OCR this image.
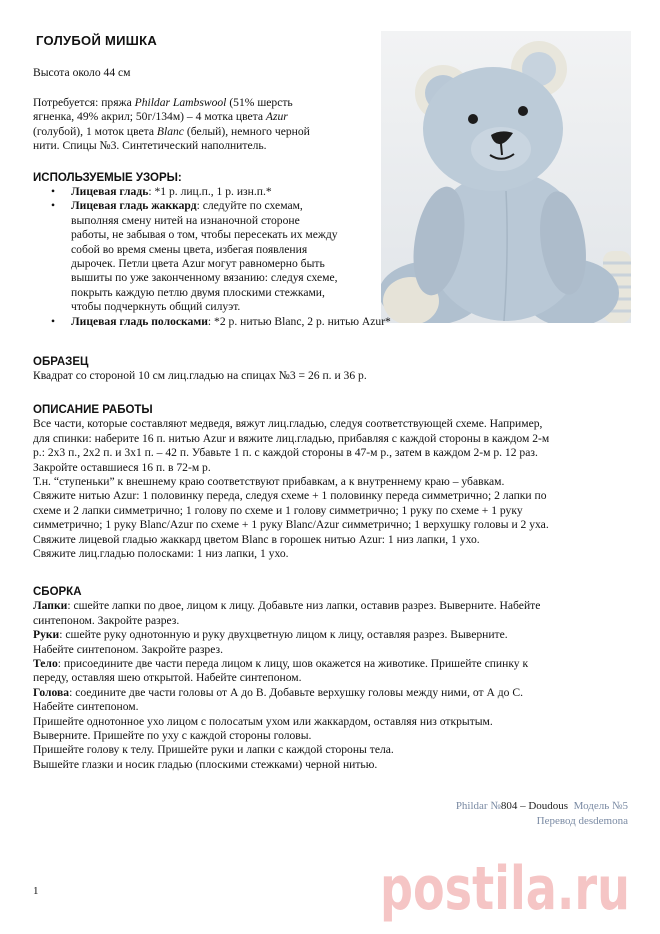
ГОЛУБОЙ МИШКА
Высота около 44 см
Потребуется: пряжа Phildar Lambswool (51% шерсть
ягненка, 49% акрил; 50г/134м) – 4 мотка цвета Azur
(голубой), 1 моток цвета Blanc (белый), немного черной
нити. Спицы №3. Синтетический наполнитель.
ИСПОЛЬЗУЕМЫЕ УЗОРЫ:
• Лицевая гладь: *1 р. лиц.п., 1 р. изн.п.*
• Лицевая гладь жаккард: следуйте по схемам,
выполняя смену нитей на изнаночной стороне
работы, не забывая о том, чтобы пересекать их между
собой во время смены цвета, избегая появления
дырочек. Петли цвета Azur могут равномерно быть
вышиты по уже законченному вязанию: следуя схеме,
покрыть каждую петлю двумя плоскими стежками,
чтобы подчеркнуть общий силуэт.
• Лицевая гладь полосками: *2 р. нитью Blanc, 2 р. нитью Azur*
ОБРАЗЕЦ
Квадрат со стороной 10 см лиц.гладью на спицах №3 = 26 п. и 36 р.
ОПИСАНИЕ РАБОТЫ
Все части, которые составляют медведя, вяжут лиц.гладью, следуя соответствующей схеме. Например,
для спинки: наберите 16 п. нитью Azur и вяжите лиц.гладью, прибавляя с каждой стороны в каждом 2-м
р.: 2x3 п., 2x2 п. и 3x1 п. – 42 п. Убавьте 1 п. с каждой стороны в 47-м р., затем в каждом 2-м р. 12 раз.
Закройте оставшиеся 16 п. в 72-м р.
Т.н. “ступеньки” к внешнему краю соответствуют прибавкам, а к внутреннему краю – убавкам.
Свяжите нитью Azur: 1 половинку переда, следуя схеме + 1 половинку переда симметрично; 2 лапки по
схеме и 2 лапки симметрично; 1 голову по схеме и 1 голову симметрично; 1 руку по схеме + 1 руку
симметрично; 1 руку Blanc/Azur по схеме + 1 руку Blanc/Azur симметрично; 1 верхушку головы и 2 уха.
Свяжите лицевой гладью жаккард цветом Blanc в горошек нитью Azur: 1 низ лапки, 1 ухо.
Свяжите лиц.гладью полосками: 1 низ лапки, 1 ухо.
СБОРКА
Лапки: сшейте лапки по двое, лицом к лицу. Добавьте низ лапки, оставив разрез. Выверните. Набейте
синтепоном. Закройте разрез.
Руки: сшейте руку однотонную и руку двухцветную лицом к лицу, оставляя разрез. Выверните.
Набейте синтепоном. Закройте разрез.
Тело: присоедините две части переда лицом к лицу, шов окажется на животике. Пришейте спинку к
переду, оставляя шею открытой. Набейте синтепоном.
Голова: соедините две части головы от А до В. Добавьте верхушку головы между ними, от А до С.
Набейте синтепоном.
Пришейте однотонное ухо лицом с полосатым ухом или жаккардом, оставляя низ открытым.
Выверните. Пришейте по уху с каждой стороны головы.
Пришейте голову к телу. Пришейте руки и лапки с каждой стороны тела.
Вышейте глазки и носик гладью (плоскими стежками) черной нитью.
Phildar №804 – Doudous Модель №5
Перевод desdemona
1	postila.ru
